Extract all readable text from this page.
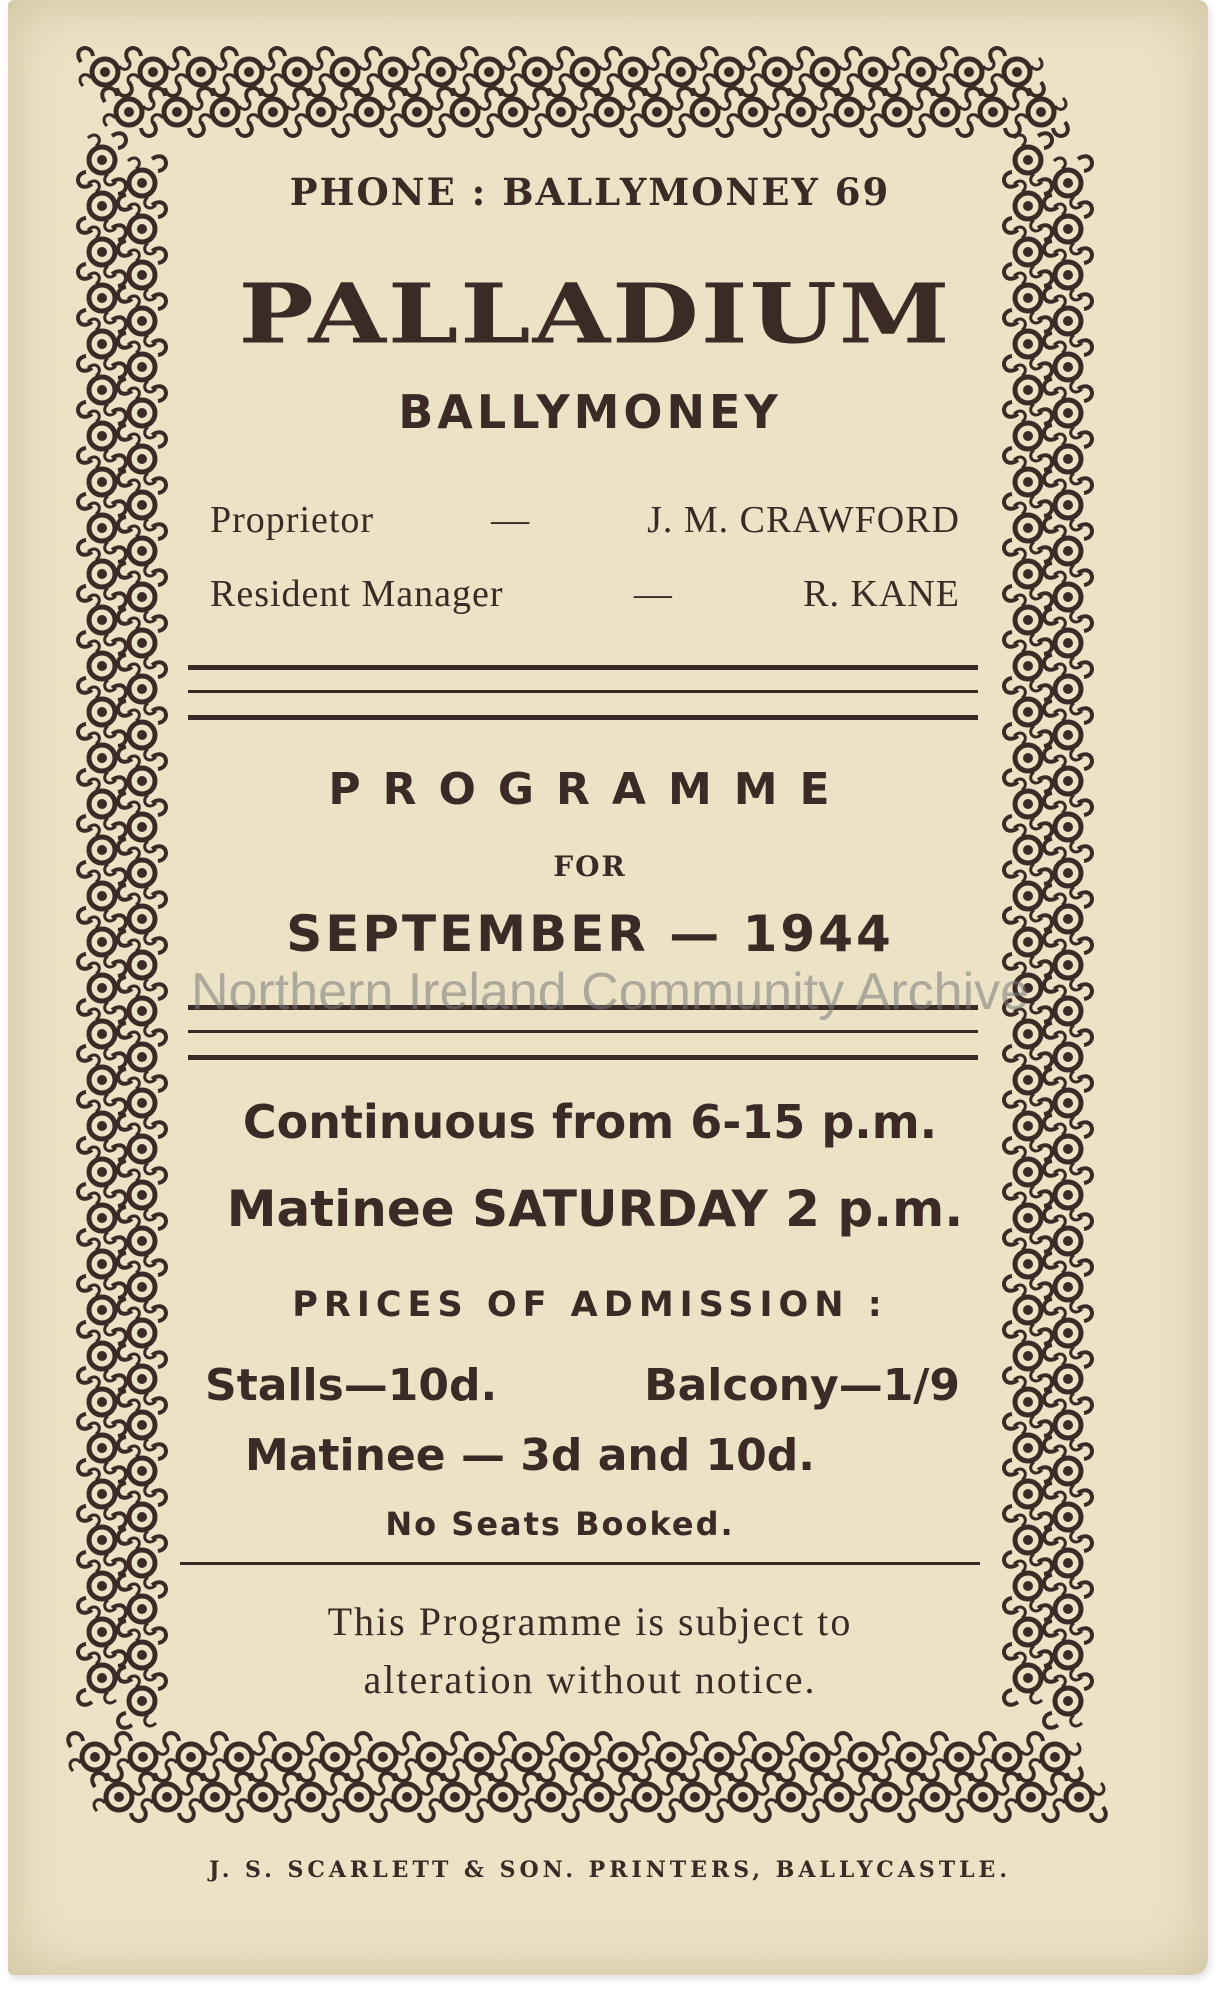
PHONE : BALLYMONEY 69
PALLADIUM
BALLYMONEY
Proprietor	—	J. M. CRAWFORD
Resident Manager	—	R. KANE
PROGRAMME
FOR
SEPTEMBER — 1944
Northern Ireland Community Archive
Continuous from 6-15 p.m.
Matinee SATURDAY 2 p.m.
PRICES OF ADMISSION :
Stalls—10d.	Balcony—1/9
Matinee — 3d and 10d.
No Seats Booked.
This Programme is subject to
alteration without notice.
J. S. SCARLETT & SON. PRINTERS, BALLYCASTLE.
